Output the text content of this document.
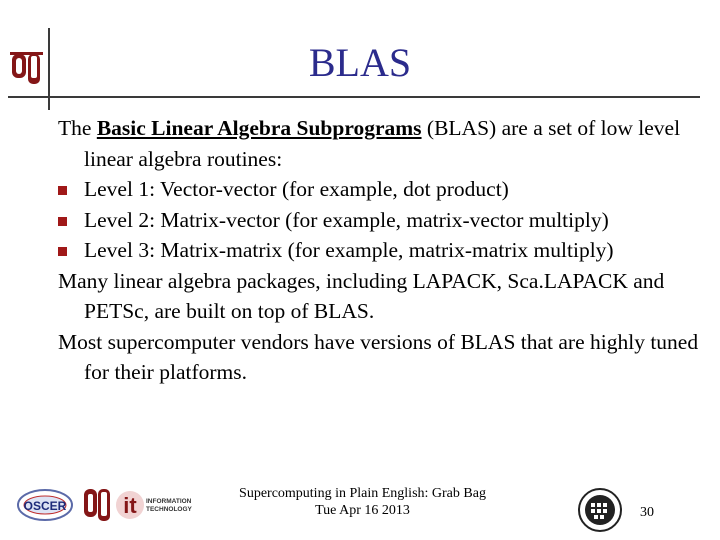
BLAS
The Basic Linear Algebra Subprograms (BLAS) are a set of low level linear algebra routines:
Level 1: Vector-vector (for example, dot product)
Level 2: Matrix-vector (for example, matrix-vector multiply)
Level 3: Matrix-matrix (for example, matrix-matrix multiply)
Many linear algebra packages, including LAPACK, Sca.LAPACK and PETSc, are built on top of BLAS.
Most supercomputer vendors have versions of BLAS that are highly tuned for their platforms.
OSCER	it INFORMATION
TECHNOLOGY
Supercomputing in Plain English: Grab Bag
Tue Apr 16 2013	30
